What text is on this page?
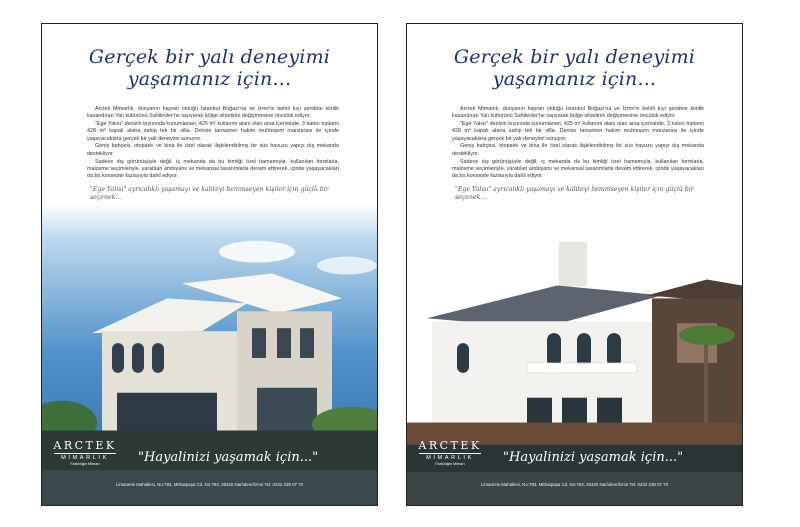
Gerçek bir yalı deneyimi
yaşamanız için...

Arctek Mimarlık, dünyanın hayran olduğu İstanbul Boğazı'na ve İzmir'in belirli kıyı şeridine kimlik kazandıran Yalı kültürünü Sahilevler'ne taşıyarak bölge silüetinin değişimesine öncülük ediyor.

"Ege Yalısı" denizin kıyısında konumlanan, 425 m² kullanım alanı olan arsa içerisinde, 3 katını toplamı 428 m² kapalı alana sahip tek bir villa. Denize tamamen hakim muhteşem manzarası ile içinde yaşayacaklara gerçek bir yalı deneyimi sunuyor.

Geniş bahçesi, otoparkı ve bina ile özel olarak ilişkilendirilmiş bir süs havuzu yapıyı dış mekanda destekliyor.

Sadece dış görünüşüyle değil, iç mekanda da bu kimliği özel hamamıyla, kullanılan formlarla, malzeme seçimleriyle, yaratılan ambiyans ve mekansal tasarımlarla devam ettirerek, içinde yaşayacakları da bu konsepte fazlasıyla dahil ediyor.

"Ege Yalısı" ayrıcalıklı yaşamayı ve kaliteyi benimseyen kişiler için güçlü bir seçenek...
ARCTEK
MİMARLIK
Farklılığın Mimarı	"Hayalinizi yaşamak için..."
Limanreis Mahallesi, No:793, Mithatpaşa Cd. No:793, 35320 Narlıdere/İzmir Tel: 0232 239 07 70
Gerçek bir yalı deneyimi
yaşamanız için...

Arctek Mimarlık, dünyanın hayran olduğu İstanbul Boğazı'na ve İzmir'in belirli kıyı şeridine kimlik kazandıran Yalı kültürünü Sahilevler'ne taşıyarak bölge silüetinin değişimesine öncülük ediyor.

"Ege Yalısı" denizin kıyısında konumlanan, 425 m² kullanım alanı olan arsa içerisinde, 3 katını toplamı 428 m² kapalı alana sahip tek bir villa. Denize tamamen hakim muhteşem manzarası ile içinde yaşayacaklara gerçek bir yalı deneyimi sunuyor.

Geniş bahçesi, otoparkı ve bina ile özel olarak ilişkilendirilmiş bir süs havuzu yapıyı dış mekanda destekliyor.

Sadece dış görünüşüyle değil, iç mekanda da bu kimliği özel hamamıyla, kullanılan formlarla, malzeme seçimleriyle, yaratılan ambiyans ve mekansal tasarımlarla devam ettirerek, içinde yaşayacakları da bu konsepte fazlasıyla dahil ediyor.

"Ege Yalısı" ayrıcalıklı yaşamayı ve kaliteyi benimseyen kişiler için güçlü bir seçenek...
ARCTEK
MİMARLIK
Farklılığın Mimarı	"Hayalinizi yaşamak için..."
Limanreis Mahallesi, No:793, Mithatpaşa Cd. No:793, 35320 Narlıdere/İzmir Tel: 0232 239 07 70
